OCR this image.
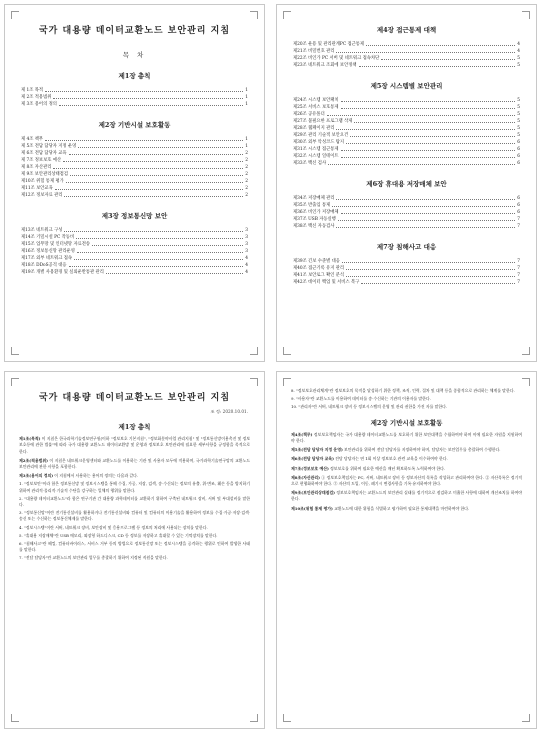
국가 대용량 데이터교환노드 보안관리 지침
목 차
제1장 총칙
제 1조 목적	1
제 2조 적용범위	1
제 3조 용어의 정의	1
제2장 기반시설 보호활동
제 4조 책무	1
제 5조 전담 담당자 지정 운영	1
제 6조 전담 담당자 교육	2
제 7조 정보보호 예산	2
제 8조 자산관리	2
제 9조 보안관리상태점검	2
제10조 위험 통제 평가	2
제11조 보안교육	2
제12조 정보자료 관리	2
제3장 정보통신망 보안
제13조 네트워크 구성	3
제14조 기밀시설 PC 작동비	3
제15조 업무망 및 인터넷망 자료전송	3
제16조 정보통신망 관리운영	3
제17조 외부 네트워크 접속	4
제18조 DDoS공격 대응	4
제19조 개별 사용환경 및 실외운반통관 관리	4
제4장 접근통제 대책
제20조 운용 및 관리관계PC 접근통제	4
제21조 비밀번호 관리	4
제22조 비인가 PC 서버 및 네트워크 접속차단	5
제23조 네트워크 조회에 보안정책	5
제5장 시스템별 보안관리
제24조 시스템 보안패치	5
제25조 서비스 보호통제	5
제26조 공유폴더	5
제27조 불필요한 프로그램 삭제	5
제28조 웹페이지 관리	5
제29조 관리 기술적 보안요건	5
제30조 외부 악성코드 탐지	6
제31조 시스템 접근통제	6
제32조 시스템 일테이트	6
제33조 백신 검사	6
제6장 휴대용 저장매체 보안
제34조 저장매체 관리	6
제35조 반출입 통제	6
제36조 비인가 저장매체	6
제37조 USB 자동실행	7
제38조 백신 자동검사	7
제7장 침해사고 대응
제39조 긴보 수준별 대응	7
제40조 접근기록 유지 관리	7
제41조 보안로그 확인 분석	7
제42조 데이터 백업 및 서비스 복구	7
국가 대용량 데이터교환노드 보안관리 지침
조 정: 2020.10.01.
제1장 총칙

제1조(목적) 이 지침은 한국과학기술정보연구원(이하 "정보보호 기본지침", "정보화분야사업 관리지침" 및 "정보통신망이용촉진 및 정보보호등에 관한 법률"에 따라 국가 대용량 교환노드 데이터교환망 및 운영과 정보보호 보안관리에 필요한 세부사항을 규정함을 목적으로 한다.

제2조(적용범위) 이 지침은 네트워크운영센터와 교환노드를 이용하는 기관 및 사용자 모두에 적용하며, 국가과학기술연구망의 교환노드 보안관리에 관한 사항을 포함한다.

제3조(용어의 정의) 이 지침에서 사용하는 용어의 정의는 다음과 같다.

1. "정보보안"이라 함은 정보통신망 및 정보시스템을 통해 수집, 가공, 저장, 검색, 송·수신되는 정보의 유출, 위·변조, 훼손 등을 방지하기 위하여 관리적·물리적·기술적 수단을 강구하는 일체의 행위를 말한다.

2. "대용량 데이터교환노드"라 함은 연구기관 간 대용량 과학데이터를 교환하기 위하여 구축된 네트워크 장비, 서버 및 부대설비를 말한다.

3. "정보통신망"이란 전기통신설비를 활용하거나 전기통신설비와 컴퓨터 및 컴퓨터의 이용기술을 활용하여 정보를 수집·가공·저장·검색·송신 또는 수신하는 정보통신체제를 말한다.

4. "정보시스템"이란 서버, 네트워크 장비, 보안장비 및 응용프로그램 등 정보의 처리에 사용되는 장치를 말한다.

5. "휴대용 저장매체"란 USB 메모리, 외장형 하드디스크, CD 등 정보를 저장하고 휴대할 수 있는 기억장치를 말한다.

6. "침해사고"란 해킹, 컴퓨터바이러스, 서비스 거부 등의 방법으로 정보통신망 또는 정보시스템을 공격하는 행위로 인하여 발생한 사태를 말한다.

7. "전담 담당자"란 교환노드의 보안관리 업무를 총괄하기 위하여 지정된 직원을 말한다.

8. "정보보호관리체계"란 정보보호의 목적을 달성하기 위한 정책, 조직, 인력, 절차 및 대책 등을 종합적으로 관리하는 체계를 말한다.

9. "사용자"란 교환노드를 이용하여 데이터를 송·수신하는 기관의 이용자를 말한다.

10. "관리자"란 서버, 네트워크 장비 등 정보시스템의 운영 및 관리 권한을 가진 자를 말한다.

제2장 기반시설 보호활동

제4조(책무) 정보보호책임자는 국가 대용량 데이터교환노드를 보호하기 위한 보안대책을 수립하여야 하며 이에 필요한 자원을 지원하여야 한다.

제5조(전담 담당자 지정 운영) 보안관리를 위하여 전담 담당자를 지정하여야 하며, 담당자는 보안업무를 총괄하여 수행한다.

제6조(전담 담당자 교육) 전담 담당자는 연 1회 이상 정보보호 관련 교육을 이수하여야 한다.

제7조(정보보호 예산) 정보보호를 위하여 필요한 예산을 매년 확보하도록 노력하여야 한다.

제8조(자산관리) ① 정보보호책임자는 PC, 서버, 네트워크 장비 등 정보자산의 목록을 작성하고 관리하여야 한다. ② 자산목록은 정기적으로 현행화하여야 한다. ③ 자산의 도입, 이동, 폐기시 변경사항을 기록·유지하여야 한다.

제9조(보안관리상태점검) 정보보호책임자는 교환노드의 보안관리 실태를 정기적으로 점검하고 미흡한 사항에 대하여 개선조치를 하여야 한다.

제10조(위험 통제 평가) 교환노드에 대한 위험을 식별하고 평가하여 필요한 통제대책을 마련하여야 한다.
